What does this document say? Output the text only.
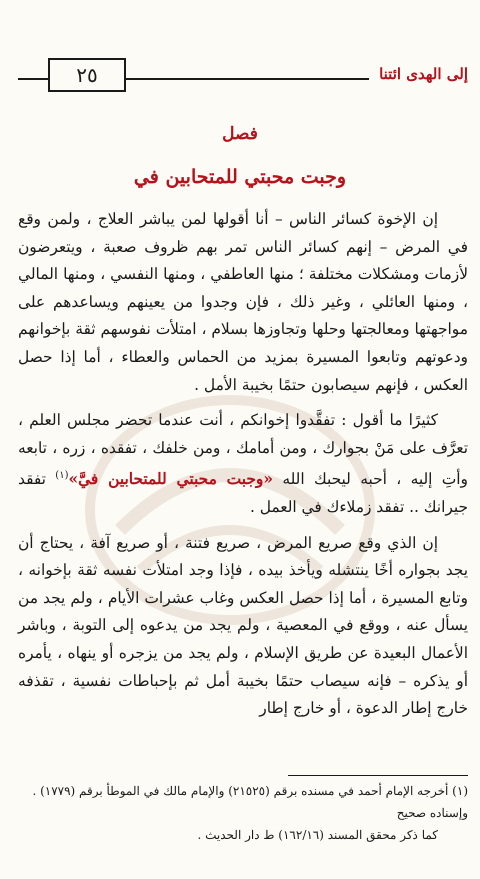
٢٥	إلى الهدى ائتنا
فصل
وجبت محبتي للمتحابين في

إن الإخوة كسائر الناس – أنا أقولها لمن يباشر العلاج ، ولمن وقع في المرض – إنهم كسائر الناس تمر بهم ظروف صعبة ، ويتعرضون لأزمات ومشكلات مختلفة ؛ منها العاطفي ، ومنها النفسي ، ومنها المالي ، ومنها العائلي ، وغير ذلك ، فإن وجدوا من يعينهم ويساعدهم على مواجهتها ومعالجتها وحلها وتجاوزها بسلام ، امتلأت نفوسهم ثقة بإخوانهم ودعوتهم وتابعوا المسيرة بمزيد من الحماس والعطاء ، أما إذا حصل العكس ، فإنهم سيصابون حتمًا بخيبة الأمل .

كثيرًا ما أقول : تفقَّدوا إخوانكم ، أنت عندما تحضر مجلس العلم ، تعرَّف على مَنْ بجوارك ، ومن أمامك ، ومن خلفك ، تفقده ، زره ، تابعه وأتِ إليه ، أحبه ليحبك الله «وجبت محبتي للمتحابين فيَّ»$^{(١)}$ تفقد جيرانك .. تفقد زملاءك في العمل .

إن الذي وقع صريع المرض ، صريع فتنة ، أو صريع آفة ، يحتاج أن يجد بجواره أخًا ينتشله ويأخذ بيده ، فإذا وجد امتلأت نفسه ثقة بإخوانه ، وتابع المسيرة ، أما إذا حصل العكس وغاب عشرات الأيام ، ولم يجد من يسأل عنه ، ووقع في المعصية ، ولم يجد من يدعوه إلى التوبة ، وباشر الأعمال البعيدة عن طريق الإسلام ، ولم يجد من يزجره أو ينهاه ، يأمره أو يذكره – فإنه سيصاب حتمًا بخيبة أمل ثم بإحباطات نفسية ، تقذفه خارج إطار الدعوة ، أو خارج إطار

(١) أخرجه الإمام أحمد في مسنده برقم (٢١٥٢٥) والإمام مالك في الموطأ برقم (١٧٧٩) . وإسناده صحيح

كما ذكر محقق المسند (١٦٢/١٦) ط دار الحديث .
